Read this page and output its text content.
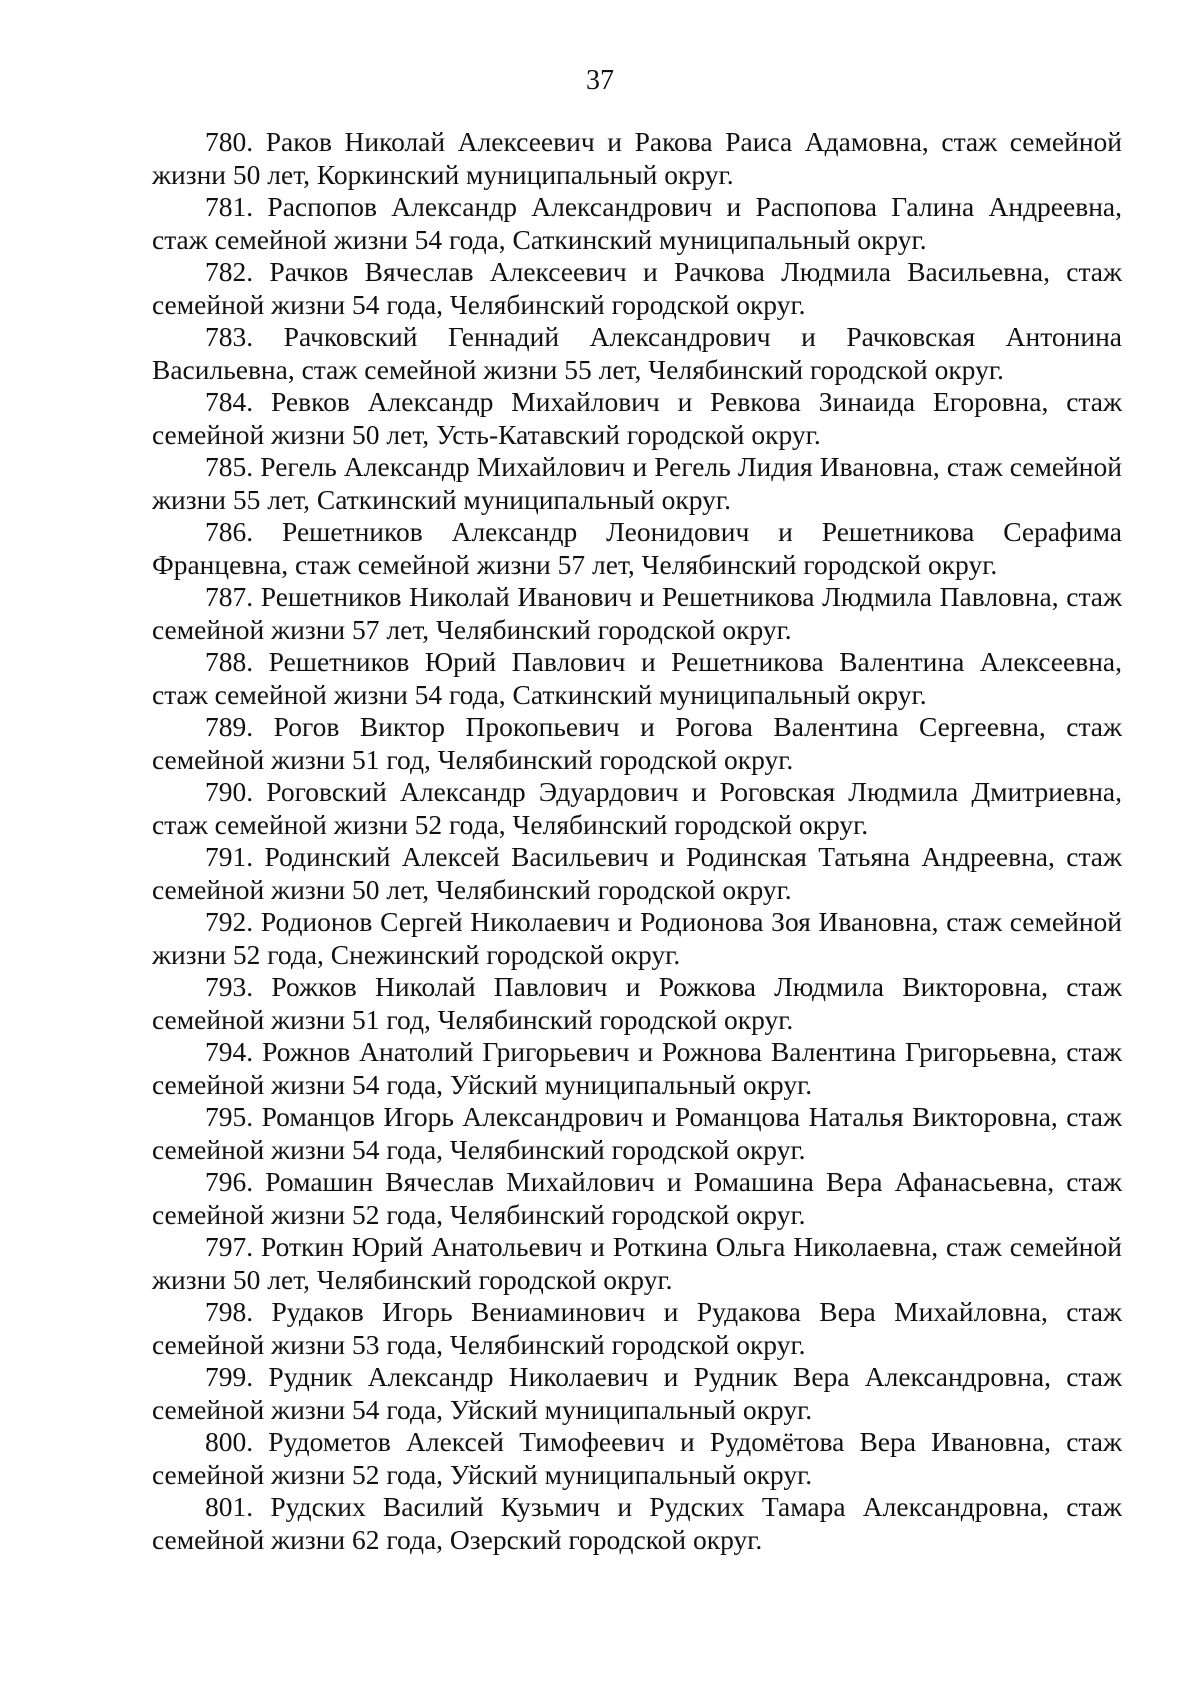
37

780. Раков Николай Алексеевич и Ракова Раиса Адамовна, стаж семейной жизни 50 лет, Коркинский муниципальный округ.

781. Распопов Александр Александрович и Распопова Галина Андреевна, стаж семейной жизни 54 года, Саткинский муниципальный округ.

782. Рачков Вячеслав Алексеевич и Рачкова Людмила Васильевна, стаж семейной жизни 54 года, Челябинский городской округ.

783. Рачковский Геннадий Александрович и Рачковская Антонина Васильевна, стаж семейной жизни 55 лет, Челябинский городской округ.

784. Ревков Александр Михайлович и Ревкова Зинаида Егоровна, стаж семейной жизни 50 лет, Усть-Катавский городской округ.

785. Регель Александр Михайлович и Регель Лидия Ивановна, стаж семейной жизни 55 лет, Саткинский муниципальный округ.

786. Решетников Александр Леонидович и Решетникова Серафима Францевна, стаж семейной жизни 57 лет, Челябинский городской округ.

787. Решетников Николай Иванович и Решетникова Людмила Павловна, стаж семейной жизни 57 лет, Челябинский городской округ.

788. Решетников Юрий Павлович и Решетникова Валентина Алексеевна, стаж семейной жизни 54 года, Саткинский муниципальный округ.

789. Рогов Виктор Прокопьевич и Рогова Валентина Сергеевна, стаж семейной жизни 51 год, Челябинский городской округ.

790. Роговский Александр Эдуардович и Роговская Людмила Дмитриевна, стаж семейной жизни 52 года, Челябинский городской округ.

791. Родинский Алексей Васильевич и Родинская Татьяна Андреевна, стаж семейной жизни 50 лет, Челябинский городской округ.

792. Родионов Сергей Николаевич и Родионова Зоя Ивановна, стаж семейной жизни 52 года, Снежинский городской округ.

793. Рожков Николай Павлович и Рожкова Людмила Викторовна, стаж семейной жизни 51 год, Челябинский городской округ.

794. Рожнов Анатолий Григорьевич и Рожнова Валентина Григорьевна, стаж семейной жизни 54 года, Уйский муниципальный округ.

795. Романцов Игорь Александрович и Романцова Наталья Викторовна, стаж семейной жизни 54 года, Челябинский городской округ.

796. Ромашин Вячеслав Михайлович и Ромашина Вера Афанасьевна, стаж семейной жизни 52 года, Челябинский городской округ.

797. Роткин Юрий Анатольевич и Роткина Ольга Николаевна, стаж семейной жизни 50 лет, Челябинский городской округ.

798. Рудаков Игорь Вениаминович и Рудакова Вера Михайловна, стаж семейной жизни 53 года, Челябинский городской округ.

799. Рудник Александр Николаевич и Рудник Вера Александровна, стаж семейной жизни 54 года, Уйский муниципальный округ.

800. Рудометов Алексей Тимофеевич и Рудомётова Вера Ивановна, стаж семейной жизни 52 года, Уйский муниципальный округ.

801. Рудских Василий Кузьмич и Рудских Тамара Александровна, стаж семейной жизни 62 года, Озерский городской округ.
